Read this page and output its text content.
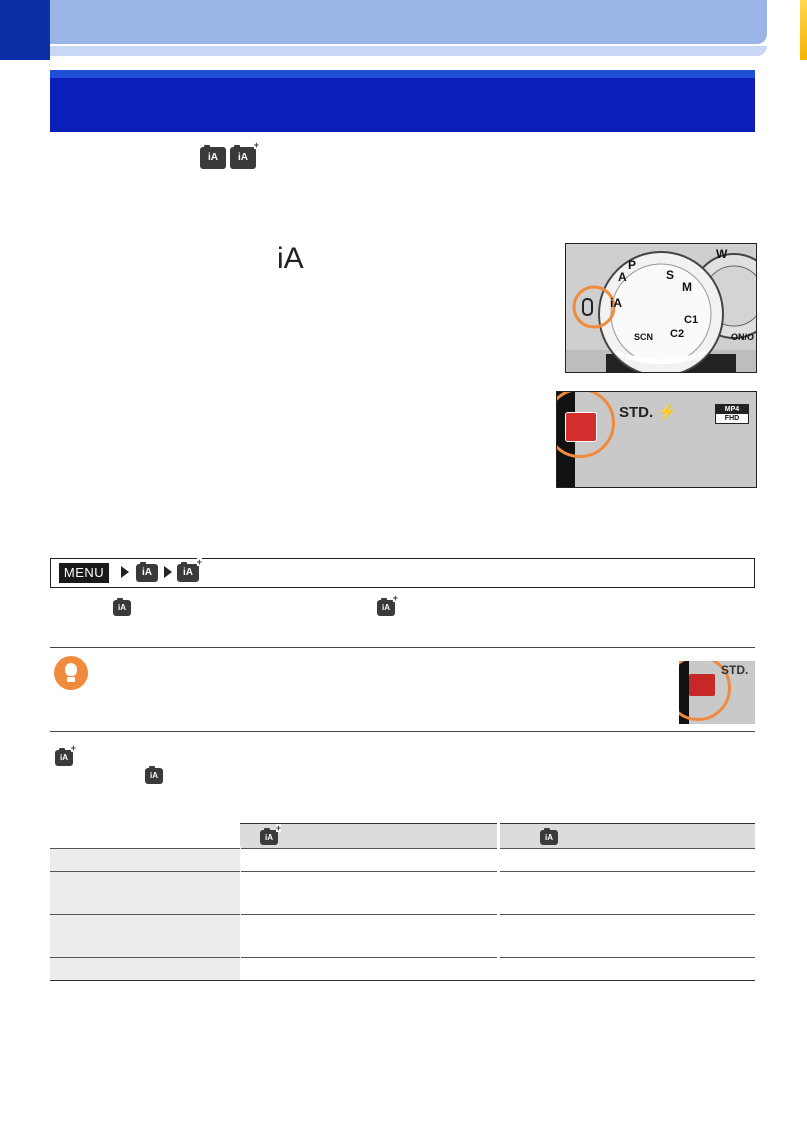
iA	iA +
iA
iA
A
P
S
M
C1
C2
SCN
W
ON/O
STD. ⚡	MP4
FHD
MENU	iA	iA +
iA	iA +
STD.
iA +
iA

	iA +	iA
